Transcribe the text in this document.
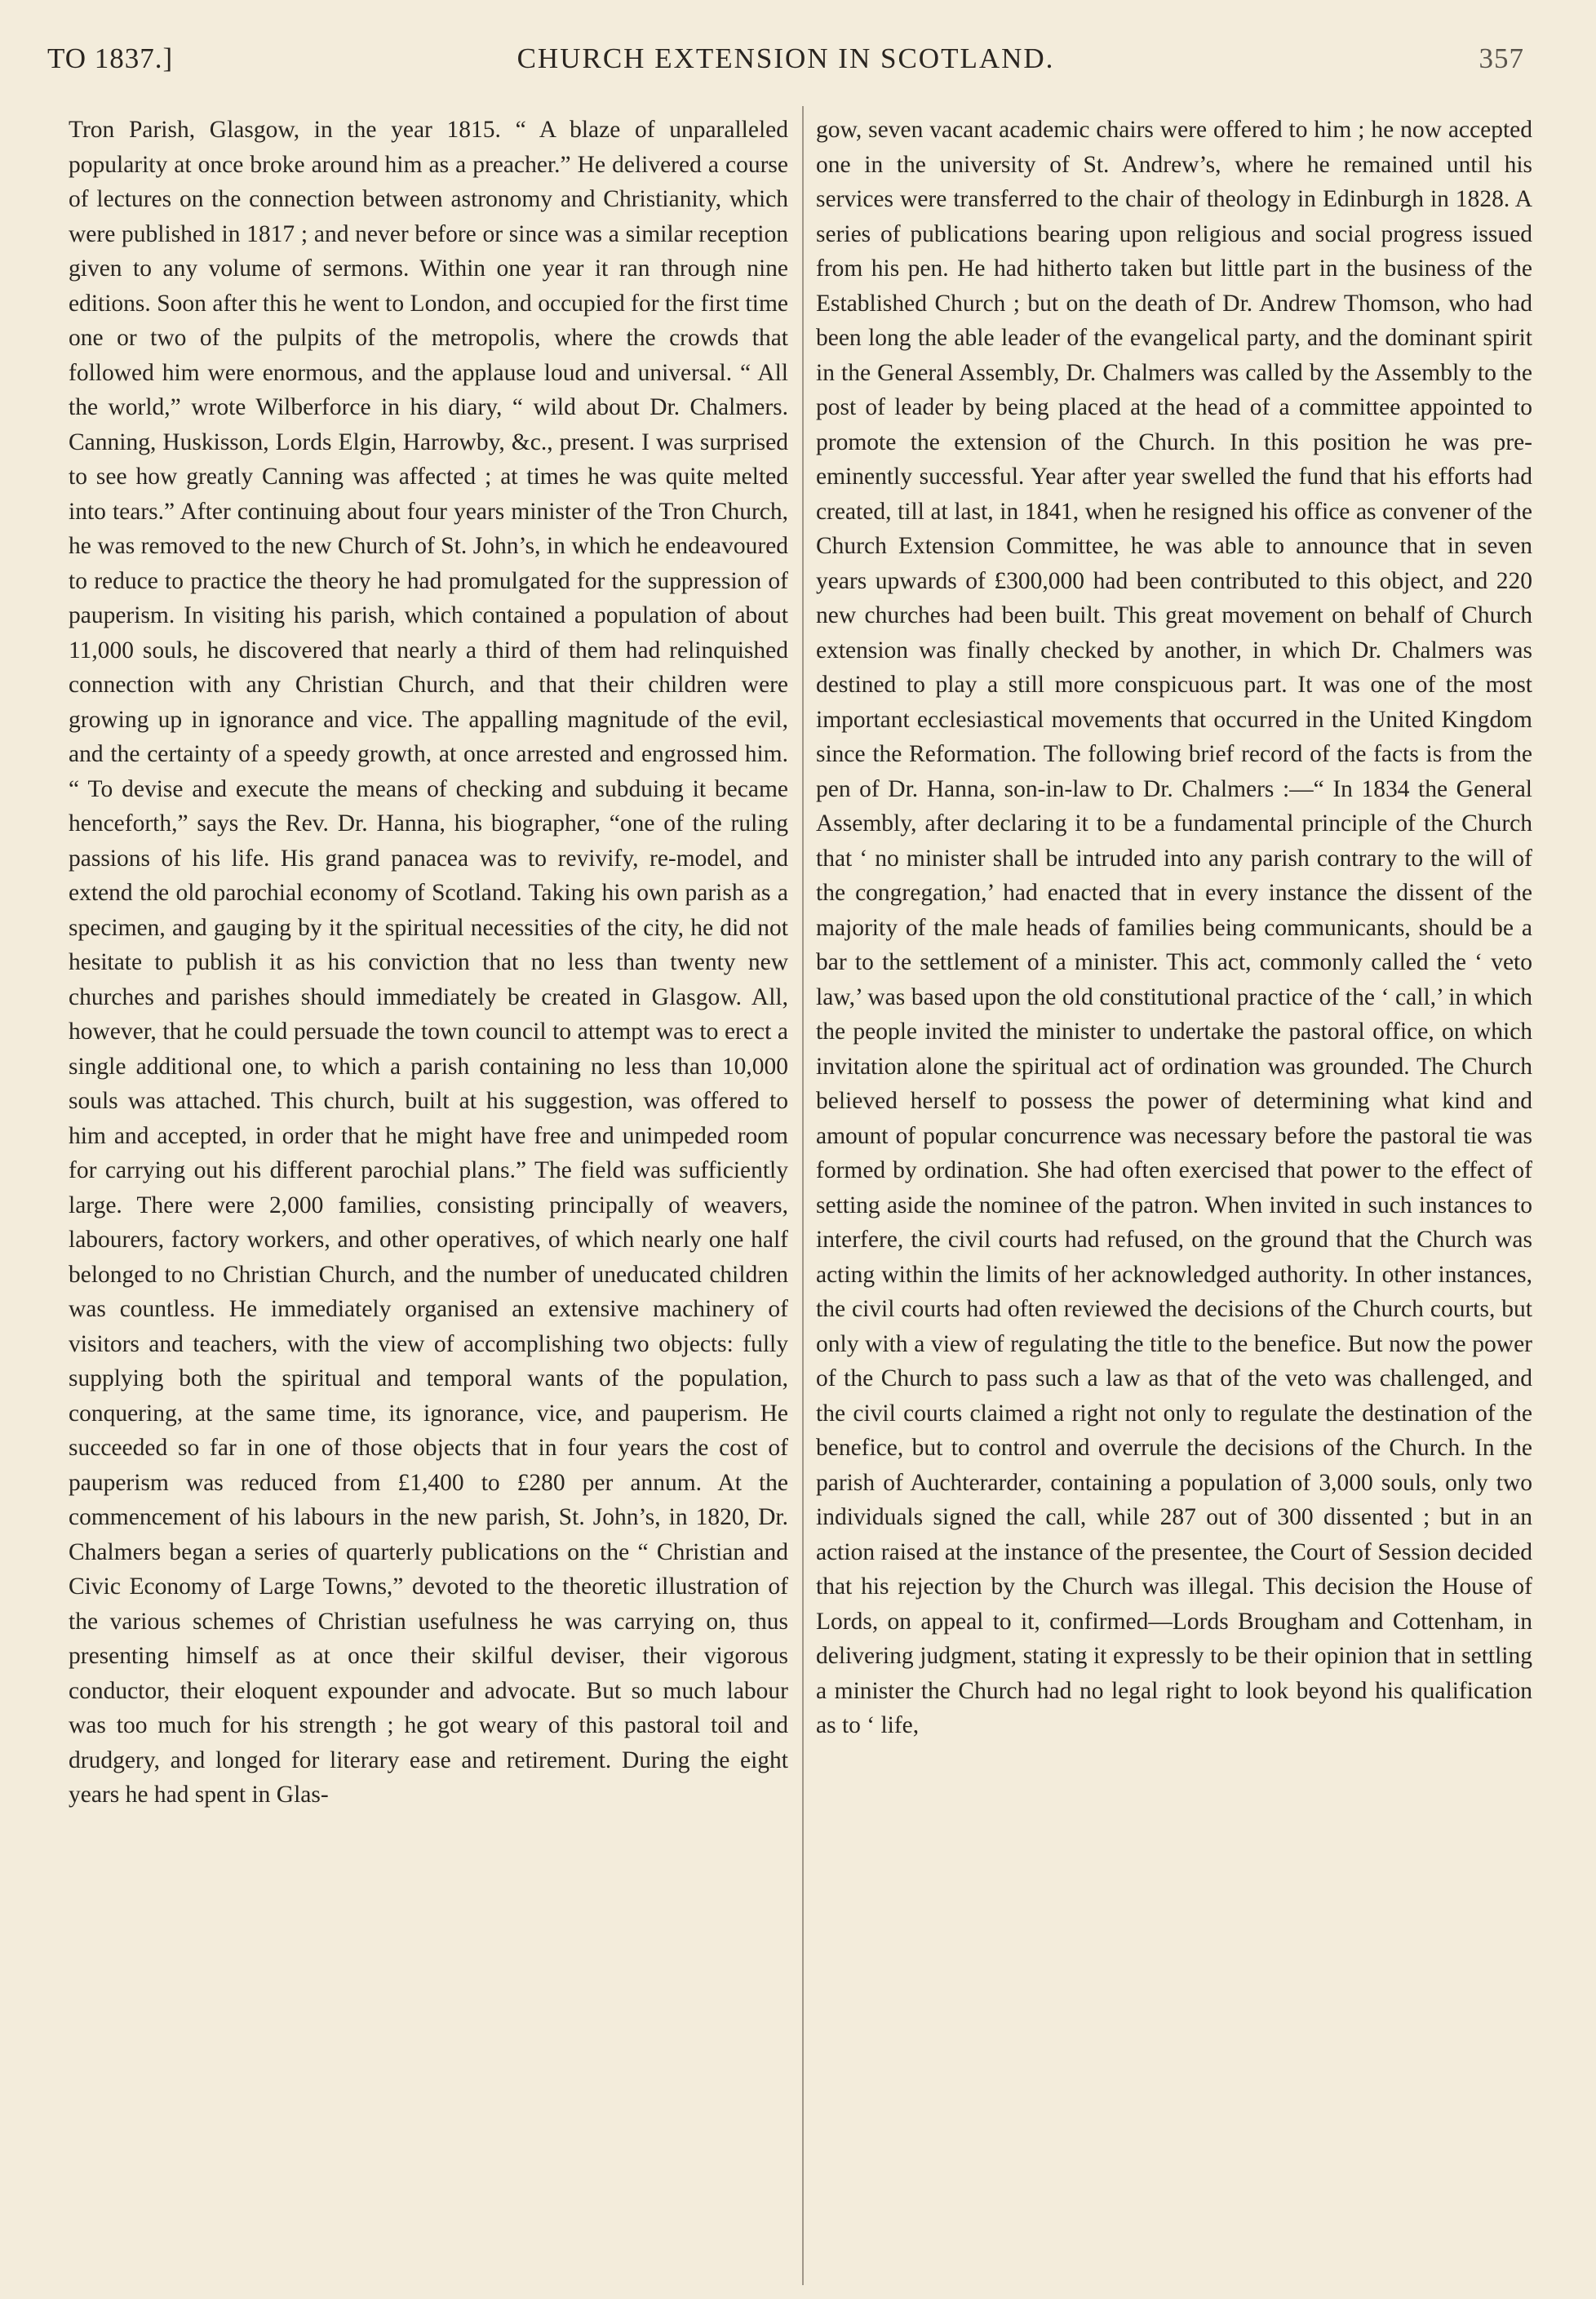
TO 1837.]	CHURCH EXTENSION IN SCOTLAND.	357

Tron Parish, Glasgow, in the year 1815. “ A blaze of unparalleled popularity at once broke around him as a preacher.” He delivered a course of lectures on the connection between astronomy and Christianity, which were published in 1817 ; and never before or since was a similar reception given to any volume of sermons. Within one year it ran through nine editions. Soon after this he went to London, and occupied for the first time one or two of the pulpits of the metropolis, where the crowds that followed him were enormous, and the applause loud and universal. “ All the world,” wrote Wilberforce in his diary, “ wild about Dr. Chalmers. Canning, Huskisson, Lords Elgin, Harrowby, &c., present. I was surprised to see how greatly Canning was affected ; at times he was quite melted into tears.” After continuing about four years minister of the Tron Church, he was removed to the new Church of St. John’s, in which he endeavoured to reduce to practice the theory he had promulgated for the suppression of pauperism. In visiting his parish, which contained a population of about 11,000 souls, he discovered that nearly a third of them had relinquished connection with any Christian Church, and that their children were growing up in ignorance and vice. The appalling magnitude of the evil, and the certainty of a speedy growth, at once arrested and engrossed him. “ To devise and execute the means of checking and subduing it became henceforth,” says the Rev. Dr. Hanna, his biographer, “one of the ruling passions of his life. His grand panacea was to revivify, re-model, and extend the old parochial economy of Scotland. Taking his own parish as a specimen, and gauging by it the spiritual necessities of the city, he did not hesitate to publish it as his conviction that no less than twenty new churches and parishes should immediately be created in Glasgow. All, however, that he could persuade the town council to attempt was to erect a single additional one, to which a parish containing no less than 10,000 souls was attached. This church, built at his suggestion, was offered to him and accepted, in order that he might have free and unimpeded room for carrying out his different parochial plans.” The field was sufficiently large. There were 2,000 families, consisting principally of weavers, labourers, factory workers, and other operatives, of which nearly one half belonged to no Christian Church, and the number of uneducated children was countless. He immediately organised an extensive machinery of visitors and teachers, with the view of accomplishing two objects: fully supplying both the spiritual and temporal wants of the population, conquering, at the same time, its ignorance, vice, and pauperism. He succeeded so far in one of those objects that in four years the cost of pauperism was reduced from £1,400 to £280 per annum. At the commencement of his labours in the new parish, St. John’s, in 1820, Dr. Chalmers began a series of quarterly publications on the “ Christian and Civic Economy of Large Towns,” devoted to the theoretic illustration of the various schemes of Christian usefulness he was carrying on, thus presenting himself as at once their skilful deviser, their vigorous conductor, their eloquent expounder and advocate. But so much labour was too much for his strength ; he got weary of this pastoral toil and drudgery, and longed for literary ease and retirement. During the eight years he had spent in Glas-

gow, seven vacant academic chairs were offered to him ; he now accepted one in the university of St. Andrew’s, where he remained until his services were transferred to the chair of theology in Edinburgh in 1828. A series of publications bearing upon religious and social progress issued from his pen. He had hitherto taken but little part in the business of the Established Church ; but on the death of Dr. Andrew Thomson, who had been long the able leader of the evangelical party, and the dominant spirit in the General Assembly, Dr. Chalmers was called by the Assembly to the post of leader by being placed at the head of a committee appointed to promote the extension of the Church. In this position he was pre-eminently successful. Year after year swelled the fund that his efforts had created, till at last, in 1841, when he resigned his office as convener of the Church Extension Committee, he was able to announce that in seven years upwards of £300,000 had been contributed to this object, and 220 new churches had been built. This great movement on behalf of Church extension was finally checked by another, in which Dr. Chalmers was destined to play a still more conspicuous part. It was one of the most important ecclesiastical movements that occurred in the United Kingdom since the Reformation. The following brief record of the facts is from the pen of Dr. Hanna, son-in-law to Dr. Chalmers :—“ In 1834 the General Assembly, after declaring it to be a fundamental principle of the Church that ‘ no minister shall be intruded into any parish contrary to the will of the congregation,’ had enacted that in every instance the dissent of the majority of the male heads of families being communicants, should be a bar to the settlement of a minister. This act, commonly called the ‘ veto law,’ was based upon the old constitutional practice of the ‘ call,’ in which the people invited the minister to undertake the pastoral office, on which invitation alone the spiritual act of ordination was grounded. The Church believed herself to possess the power of determining what kind and amount of popular concurrence was necessary before the pastoral tie was formed by ordination. She had often exercised that power to the effect of setting aside the nominee of the patron. When invited in such instances to interfere, the civil courts had refused, on the ground that the Church was acting within the limits of her acknowledged authority. In other instances, the civil courts had often reviewed the decisions of the Church courts, but only with a view of regulating the title to the benefice. But now the power of the Church to pass such a law as that of the veto was challenged, and the civil courts claimed a right not only to regulate the destination of the benefice, but to control and overrule the decisions of the Church. In the parish of Auchterarder, containing a population of 3,000 souls, only two individuals signed the call, while 287 out of 300 dissented ; but in an action raised at the instance of the presentee, the Court of Session decided that his rejection by the Church was illegal. This decision the House of Lords, on appeal to it, confirmed—Lords Brougham and Cottenham, in delivering judgment, stating it expressly to be their opinion that in settling a minister the Church had no legal right to look beyond his qualification as to ‘ life,
